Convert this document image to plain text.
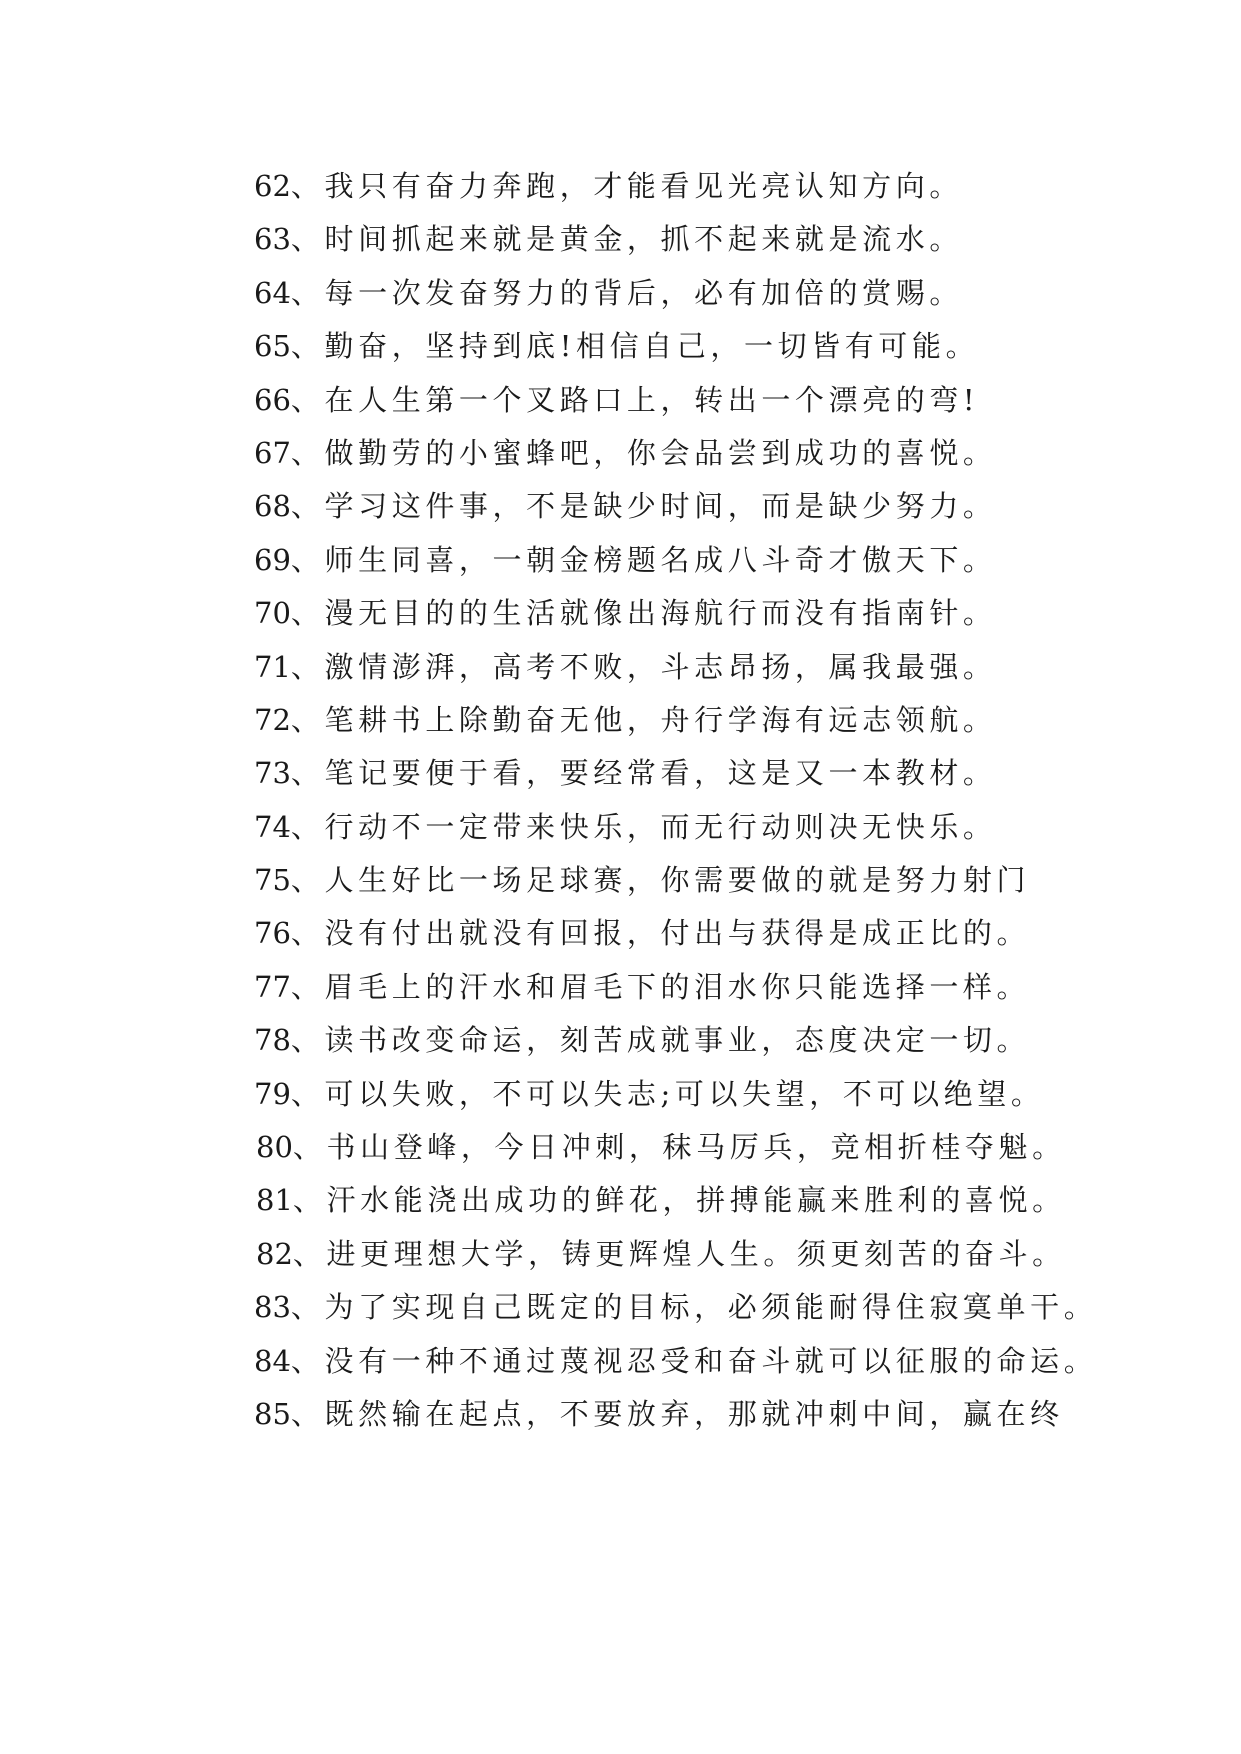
62、我只有奋力奔跑，才能看见光亮认知方向。
63、时间抓起来就是黄金，抓不起来就是流水。
64、每一次发奋努力的背后，必有加倍的赏赐。
65、勤奋，坚持到底!相信自己，一切皆有可能。
66、在人生第一个叉路口上，转出一个漂亮的弯!
67、做勤劳的小蜜蜂吧，你会品尝到成功的喜悦。
68、学习这件事，不是缺少时间，而是缺少努力。
69、师生同喜，一朝金榜题名成八斗奇才傲天下。
70、漫无目的的生活就像出海航行而没有指南针。
71、激情澎湃，高考不败，斗志昂扬，属我最强。
72、笔耕书上除勤奋无他，舟行学海有远志领航。
73、笔记要便于看，要经常看，这是又一本教材。
74、行动不一定带来快乐，而无行动则决无快乐。
75、人生好比一场足球赛，你需要做的就是努力射门
76、没有付出就没有回报，付出与获得是成正比的。
77、眉毛上的汗水和眉毛下的泪水你只能选择一样。
78、读书改变命运，刻苦成就事业，态度决定一切。
79、可以失败，不可以失志;可以失望，不可以绝望。
80、书山登峰，今日冲刺，秣马厉兵，竞相折桂夺魁。
81、汗水能浇出成功的鲜花，拼搏能赢来胜利的喜悦。
82、进更理想大学，铸更辉煌人生。须更刻苦的奋斗。
83、为了实现自己既定的目标，必须能耐得住寂寞单干。
84、没有一种不通过蔑视忍受和奋斗就可以征服的命运。
85、既然输在起点，不要放弃，那就冲刺中间，赢在终
